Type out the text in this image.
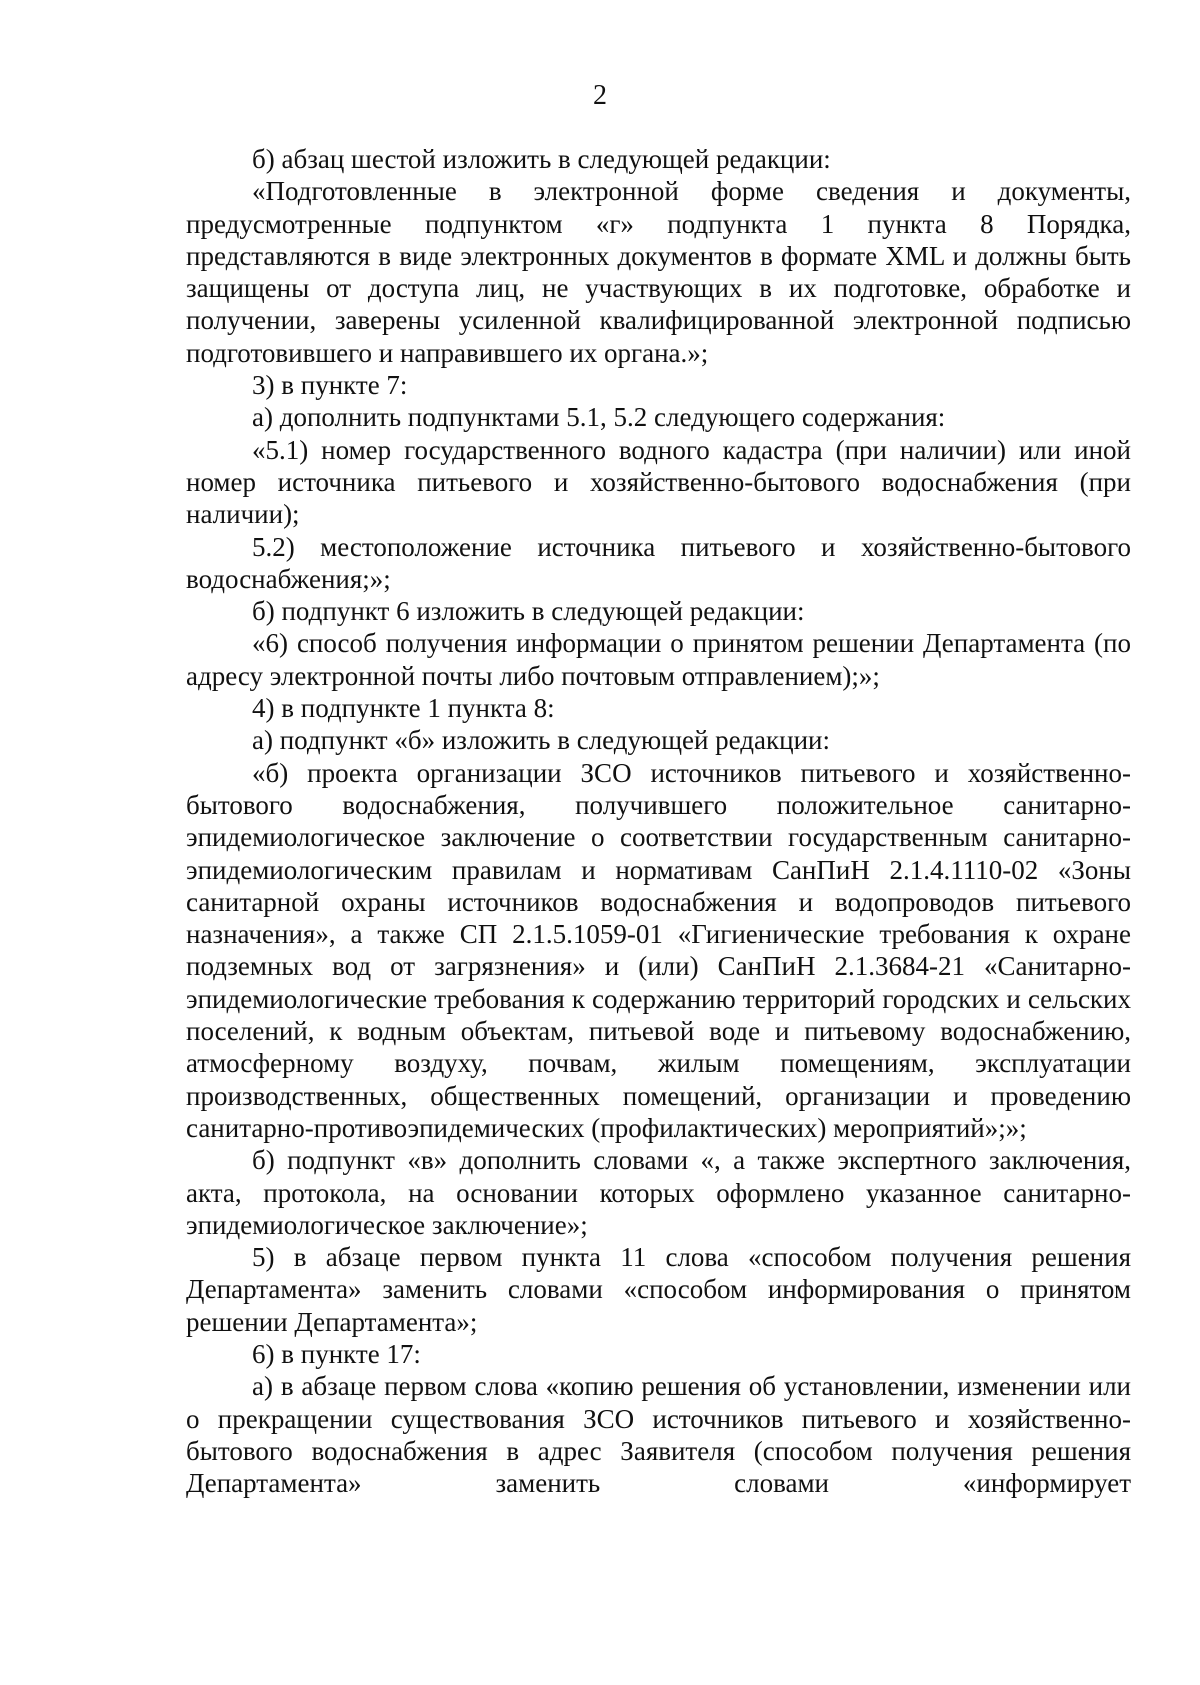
2

б) абзац шестой изложить в следующей редакции:

«Подготовленные в электронной форме сведения и документы, предусмотренные подпунктом «г» подпункта 1 пункта 8 Порядка, представляются в виде электронных документов в формате XML и должны быть защищены от доступа лиц, не участвующих в их подготовке, обработке и получении, заверены усиленной квалифицированной электронной подписью подготовившего и направившего их органа.»;

3) в пункте 7:

а) дополнить подпунктами 5.1, 5.2 следующего содержания:

«5.1) номер государственного водного кадастра (при наличии) или иной номер источника питьевого и хозяйственно-бытового водоснабжения (при наличии);

5.2) местоположение источника питьевого и хозяйственно-бытового водоснабжения;»;

б) подпункт 6 изложить в следующей редакции:

«6) способ получения информации о принятом решении Департамента (по адресу электронной почты либо почтовым отправлением);»;

4) в подпункте 1 пункта 8:

а) подпункт «б» изложить в следующей редакции:

«б) проекта организации ЗСО источников питьевого и хозяйственно-бытового водоснабжения, получившего положительное санитарно-эпидемиологическое заключение о соответствии государственным санитарно-эпидемиологическим правилам и нормативам СанПиН 2.1.4.1110-02 «Зоны санитарной охраны источников водоснабжения и водопроводов питьевого назначения», а также СП 2.1.5.1059-01 «Гигиенические требования к охране подземных вод от загрязнения» и (или) СанПиН 2.1.3684-21 «Санитарно-эпидемиологические требования к содержанию территорий городских и сельских поселений, к водным объектам, питьевой воде и питьевому водоснабжению, атмосферному воздуху, почвам, жилым помещениям, эксплуатации производственных, общественных помещений, организации и проведению санитарно-противоэпидемических (профилактических) мероприятий»;»;

б) подпункт «в» дополнить словами «, а также экспертного заключения, акта, протокола, на основании которых оформлено указанное санитарно-эпидемиологическое заключение»;

5) в абзаце первом пункта 11 слова «способом получения решения Департамента» заменить словами «способом информирования о принятом решении Департамента»;

6) в пункте 17:

а) в абзаце первом слова «копию решения об установлении, изменении или о прекращении существования ЗСО источников питьевого и хозяйственно-бытового водоснабжения в адрес Заявителя (способом получения решения Департамента» заменить словами «информирует
